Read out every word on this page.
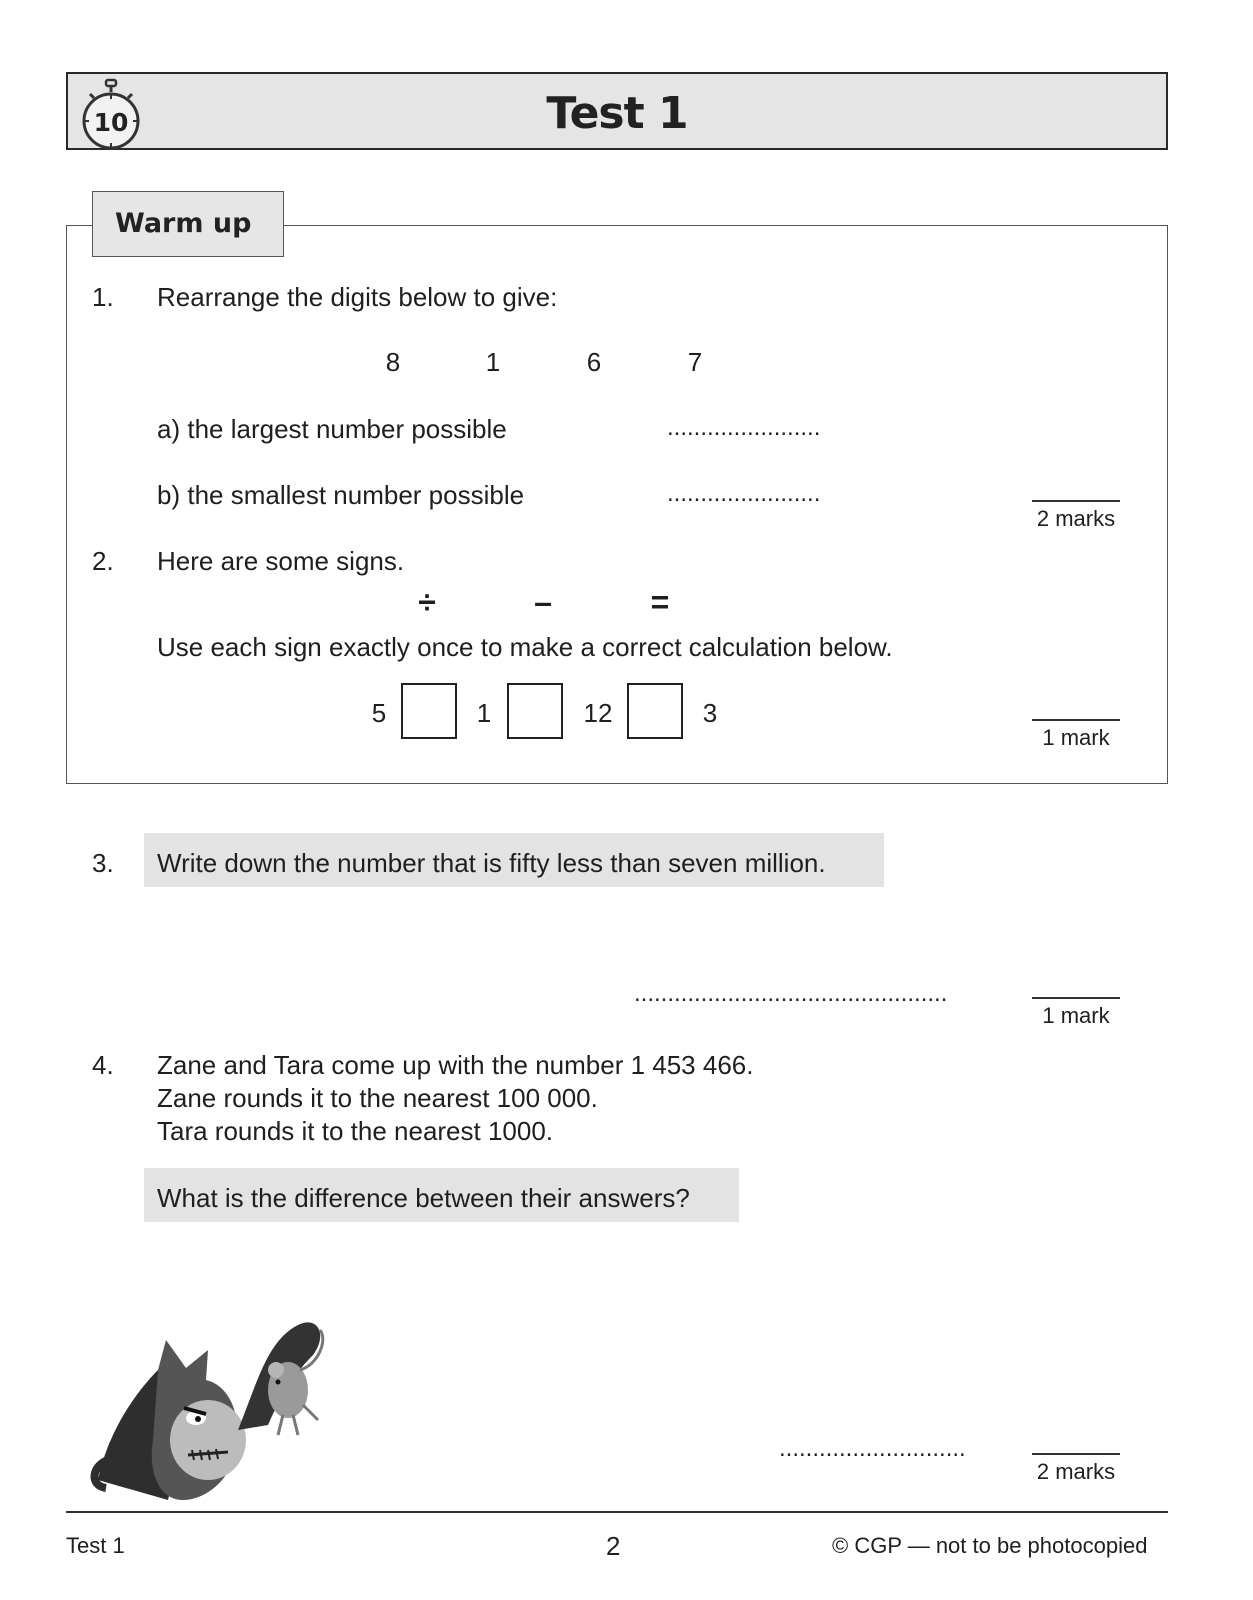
10	Test 1
Warm up
1. Rearrange the digits below to give:
8	1	6	7
a) the largest number possible	.......................
b) the smallest number possible	.......................
2 marks
2. Here are some signs.
÷	–	=
Use each sign exactly once to make a correct calculation below.
5	1	12	3
1 mark
3. Write down the number that is fifty less than seven million.
...............................................
1 mark
4. Zane and Tara come up with the number 1 453 466.
Zane rounds it to the nearest 100 000.
Tara rounds it to the nearest 1000.
What is the difference between their answers?
............................
2 marks
Test 1	2	© CGP — not to be photocopied
